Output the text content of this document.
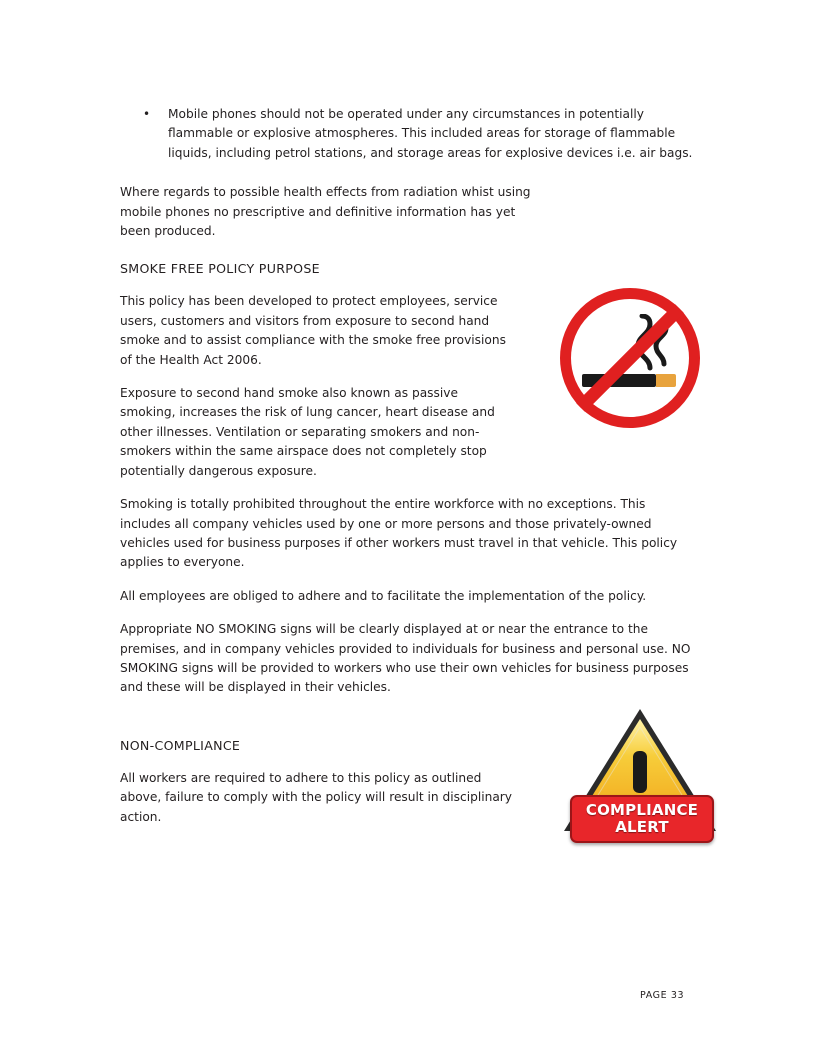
• Mobile phones should not be operated under any circumstances in potentially flammable or explosive atmospheres. This included areas for storage of flammable liquids, including petrol stations, and storage areas for explosive devices i.e. air bags.

Where regards to possible health effects from radiation whist using mobile phones no prescriptive and definitive information has yet been produced.

SMOKE FREE POLICY PURPOSE

This policy has been developed to protect employees, service users, customers and visitors from exposure to second hand smoke and to assist compliance with the smoke free provisions of the Health Act 2006.

Exposure to second hand smoke also known as passive smoking, increases the risk of lung cancer, heart disease and other illnesses. Ventilation or separating smokers and non-smokers within the same airspace does not completely stop potentially dangerous exposure.

Smoking is totally prohibited throughout the entire workforce with no exceptions. This includes all company vehicles used by one or more persons and those privately-owned vehicles used for business purposes if other workers must travel in that vehicle. This policy applies to everyone.

All employees are obliged to adhere and to facilitate the implementation of the policy.

Appropriate NO SMOKING signs will be clearly displayed at or near the entrance to the premises, and in company vehicles provided to individuals for business and personal use. NO SMOKING signs will be provided to workers who use their own vehicles for business purposes and these will be displayed in their vehicles.

NON-COMPLIANCE

All workers are required to adhere to this policy as outlined above, failure to comply with the policy will result in disciplinary action.	COMPLIANCE
ALERT
PAGE 33
